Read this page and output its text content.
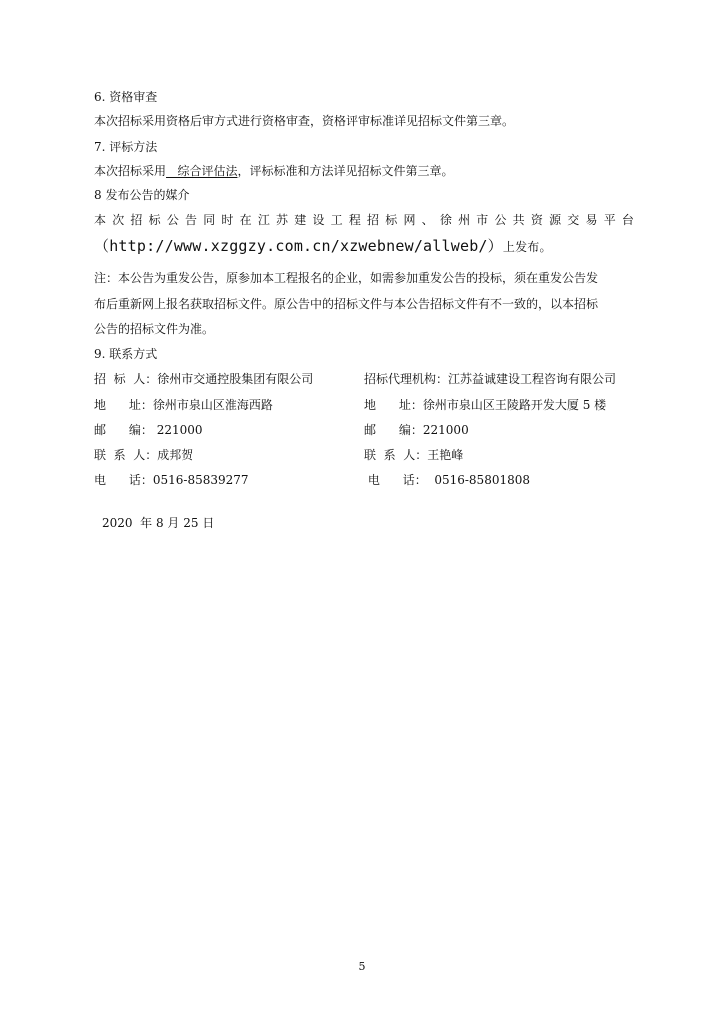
6. 资格审查
本次招标采用资格后审方式进行资格审查，资格评审标准详见招标文件第三章。
7. 评标方法
本次招标采用   综合评估法，评标标准和方法详见招标文件第三章。
8 发布公告的媒介
本 次 招 标 公 告 同 时 在 江 苏 建 设 工 程 招 标 网 、 徐 州 市 公 共 资 源 交 易 平 台
（http://www.xzggzy.com.cn/xzwebnew/allweb/）上发布。
注：本公告为重发公告，原参加本工程报名的企业，如需参加重发公告的投标，须在重发公告发
布后重新网上报名获取招标文件。原公告中的招标文件与本公告招标文件有不一致的，以本招标
公告的招标文件为准。
9. 联系方式
招  标  人：徐州市交通控股集团有限公司
地      址：徐州市泉山区淮海西路
邮      编： 221000
联  系  人：成邦贺
电      话：0516-85839277
招标代理机构：江苏益诚建设工程咨询有限公司
地      址：徐州市泉山区王陵路开发大厦 5 楼
邮      编：221000
联  系  人：王艳峰
电      话：  0516-85801808
2020  年 8 月 25 日
5
